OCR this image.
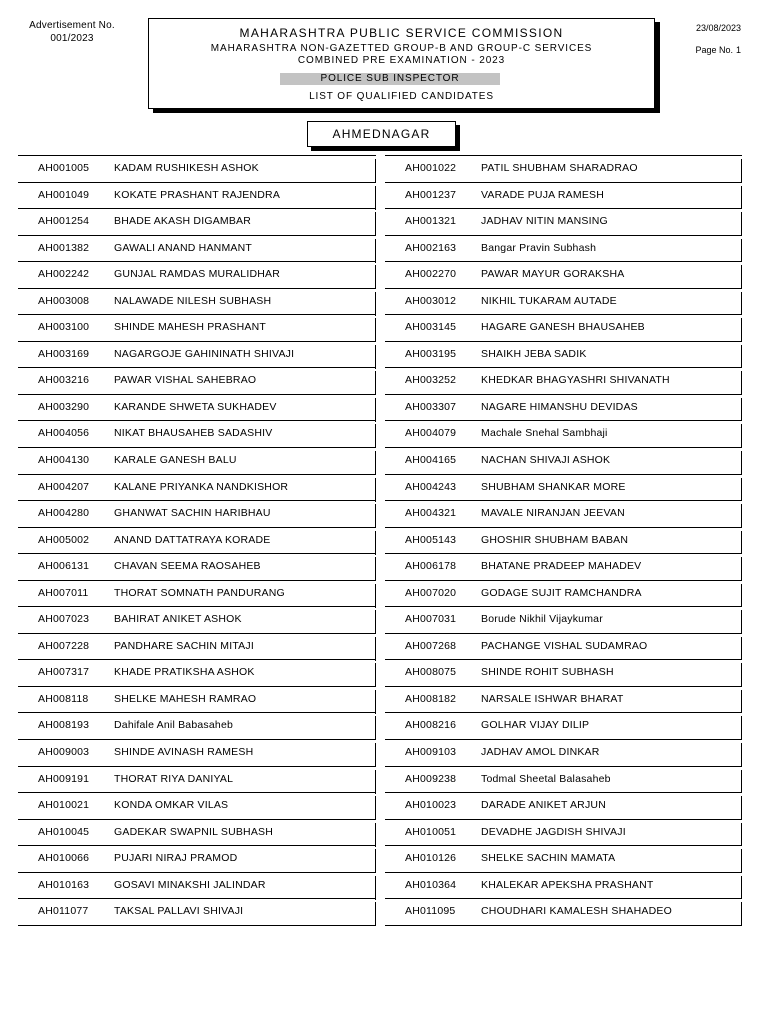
Advertisement No.
001/2023
23/08/2023
Page No. 1
MAHARASHTRA PUBLIC SERVICE COMMISSION
MAHARASHTRA NON-GAZETTED GROUP-B AND GROUP-C SERVICES
COMBINED PRE EXAMINATION - 2023
POLICE SUB INSPECTOR
LIST OF QUALIFIED CANDIDATES
AHMEDNAGAR
AH001005 KADAM RUSHIKESH ASHOK
AH001049 KOKATE PRASHANT RAJENDRA
AH001254 BHADE AKASH DIGAMBAR
AH001382 GAWALI ANAND HANMANT
AH002242 GUNJAL RAMDAS MURALIDHAR
AH003008 NALAWADE NILESH SUBHASH
AH003100 SHINDE MAHESH PRASHANT
AH003169 NAGARGOJE GAHININATH SHIVAJI
AH003216 PAWAR VISHAL SAHEBRAO
AH003290 KARANDE SHWETA SUKHADEV
AH004056 NIKAT BHAUSAHEB SADASHIV
AH004130 KARALE GANESH BALU
AH004207 KALANE PRIYANKA NANDKISHOR
AH004280 GHANWAT SACHIN HARIBHAU
AH005002 ANAND DATTATRAYA KORADE
AH006131 CHAVAN SEEMA RAOSAHEB
AH007011 THORAT SOMNATH PANDURANG
AH007023 BAHIRAT ANIKET ASHOK
AH007228 PANDHARE SACHIN MITAJI
AH007317 KHADE PRATIKSHA ASHOK
AH008118 SHELKE MAHESH RAMRAO
AH008193 Dahifale Anil Babasaheb
AH009003 SHINDE AVINASH RAMESH
AH009191 THORAT RIYA DANIYAL
AH010021 KONDA OMKAR VILAS
AH010045 GADEKAR SWAPNIL SUBHASH
AH010066 PUJARI NIRAJ PRAMOD
AH010163 GOSAVI MINAKSHI JALINDAR
AH011077 TAKSAL PALLAVI SHIVAJI
AH001022 PATIL SHUBHAM SHARADRAO
AH001237 VARADE PUJA RAMESH
AH001321 JADHAV NITIN MANSING
AH002163 Bangar Pravin Subhash
AH002270 PAWAR MAYUR GORAKSHA
AH003012 NIKHIL TUKARAM AUTADE
AH003145 HAGARE GANESH BHAUSAHEB
AH003195 SHAIKH JEBA SADIK
AH003252 KHEDKAR BHAGYASHRI SHIVANATH
AH003307 NAGARE HIMANSHU DEVIDAS
AH004079 Machale Snehal Sambhaji
AH004165 NACHAN SHIVAJI ASHOK
AH004243 SHUBHAM SHANKAR MORE
AH004321 MAVALE NIRANJAN JEEVAN
AH005143 GHOSHIR SHUBHAM BABAN
AH006178 BHATANE PRADEEP MAHADEV
AH007020 GODAGE SUJIT RAMCHANDRA
AH007031 Borude Nikhil Vijaykumar
AH007268 PACHANGE VISHAL SUDAMRAO
AH008075 SHINDE ROHIT SUBHASH
AH008182 NARSALE ISHWAR BHARAT
AH008216 GOLHAR VIJAY DILIP
AH009103 JADHAV AMOL DINKAR
AH009238 Todmal Sheetal Balasaheb
AH010023 DARADE ANIKET ARJUN
AH010051 DEVADHE JAGDISH SHIVAJI
AH010126 SHELKE SACHIN MAMATA
AH010364 KHALEKAR APEKSHA PRASHANT
AH011095 CHOUDHARI KAMALESH SHAHADEO
